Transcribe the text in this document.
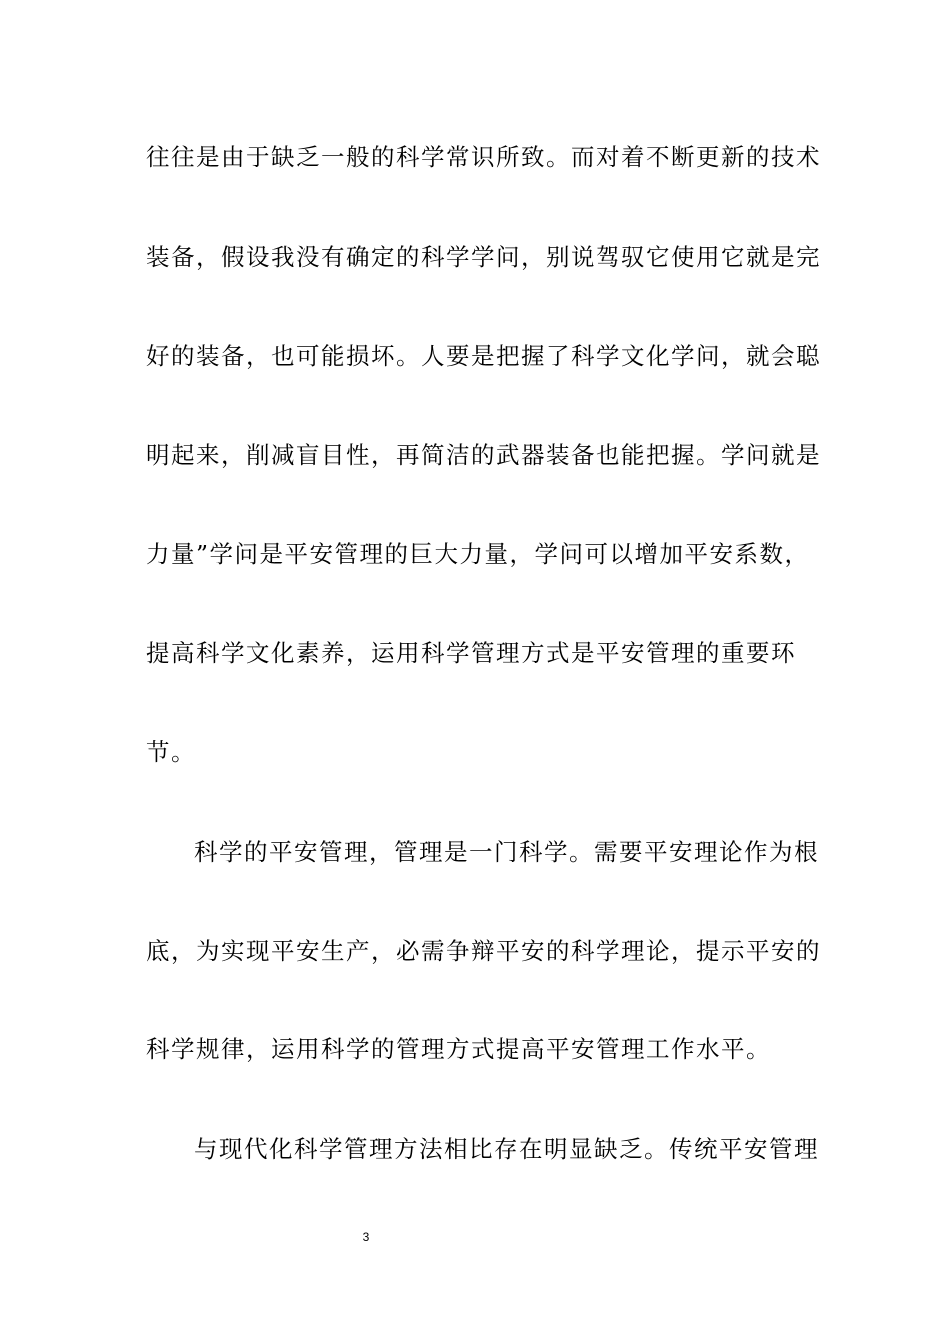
往往是由于缺乏一般的科学常识所致。而对着不断更新的技术
装备，假设我没有确定的科学学问，别说驾驭它使用它就是完
好的装备，也可能损坏。人要是把握了科学文化学问，就会聪
明起来，削减盲目性，再简洁的武器装备也能把握。学问就是
力量”学问是平安管理的巨大力量，学问可以增加平安系数，
提高科学文化素养，运用科学管理方式是平安管理的重要环
节。
科学的平安管理，管理是一门科学。需要平安理论作为根
底，为实现平安生产，必需争辩平安的科学理论，提示平安的
科学规律，运用科学的管理方式提高平安管理工作水平。
与现代化科学管理方法相比存在明显缺乏。传统平安管理
3
